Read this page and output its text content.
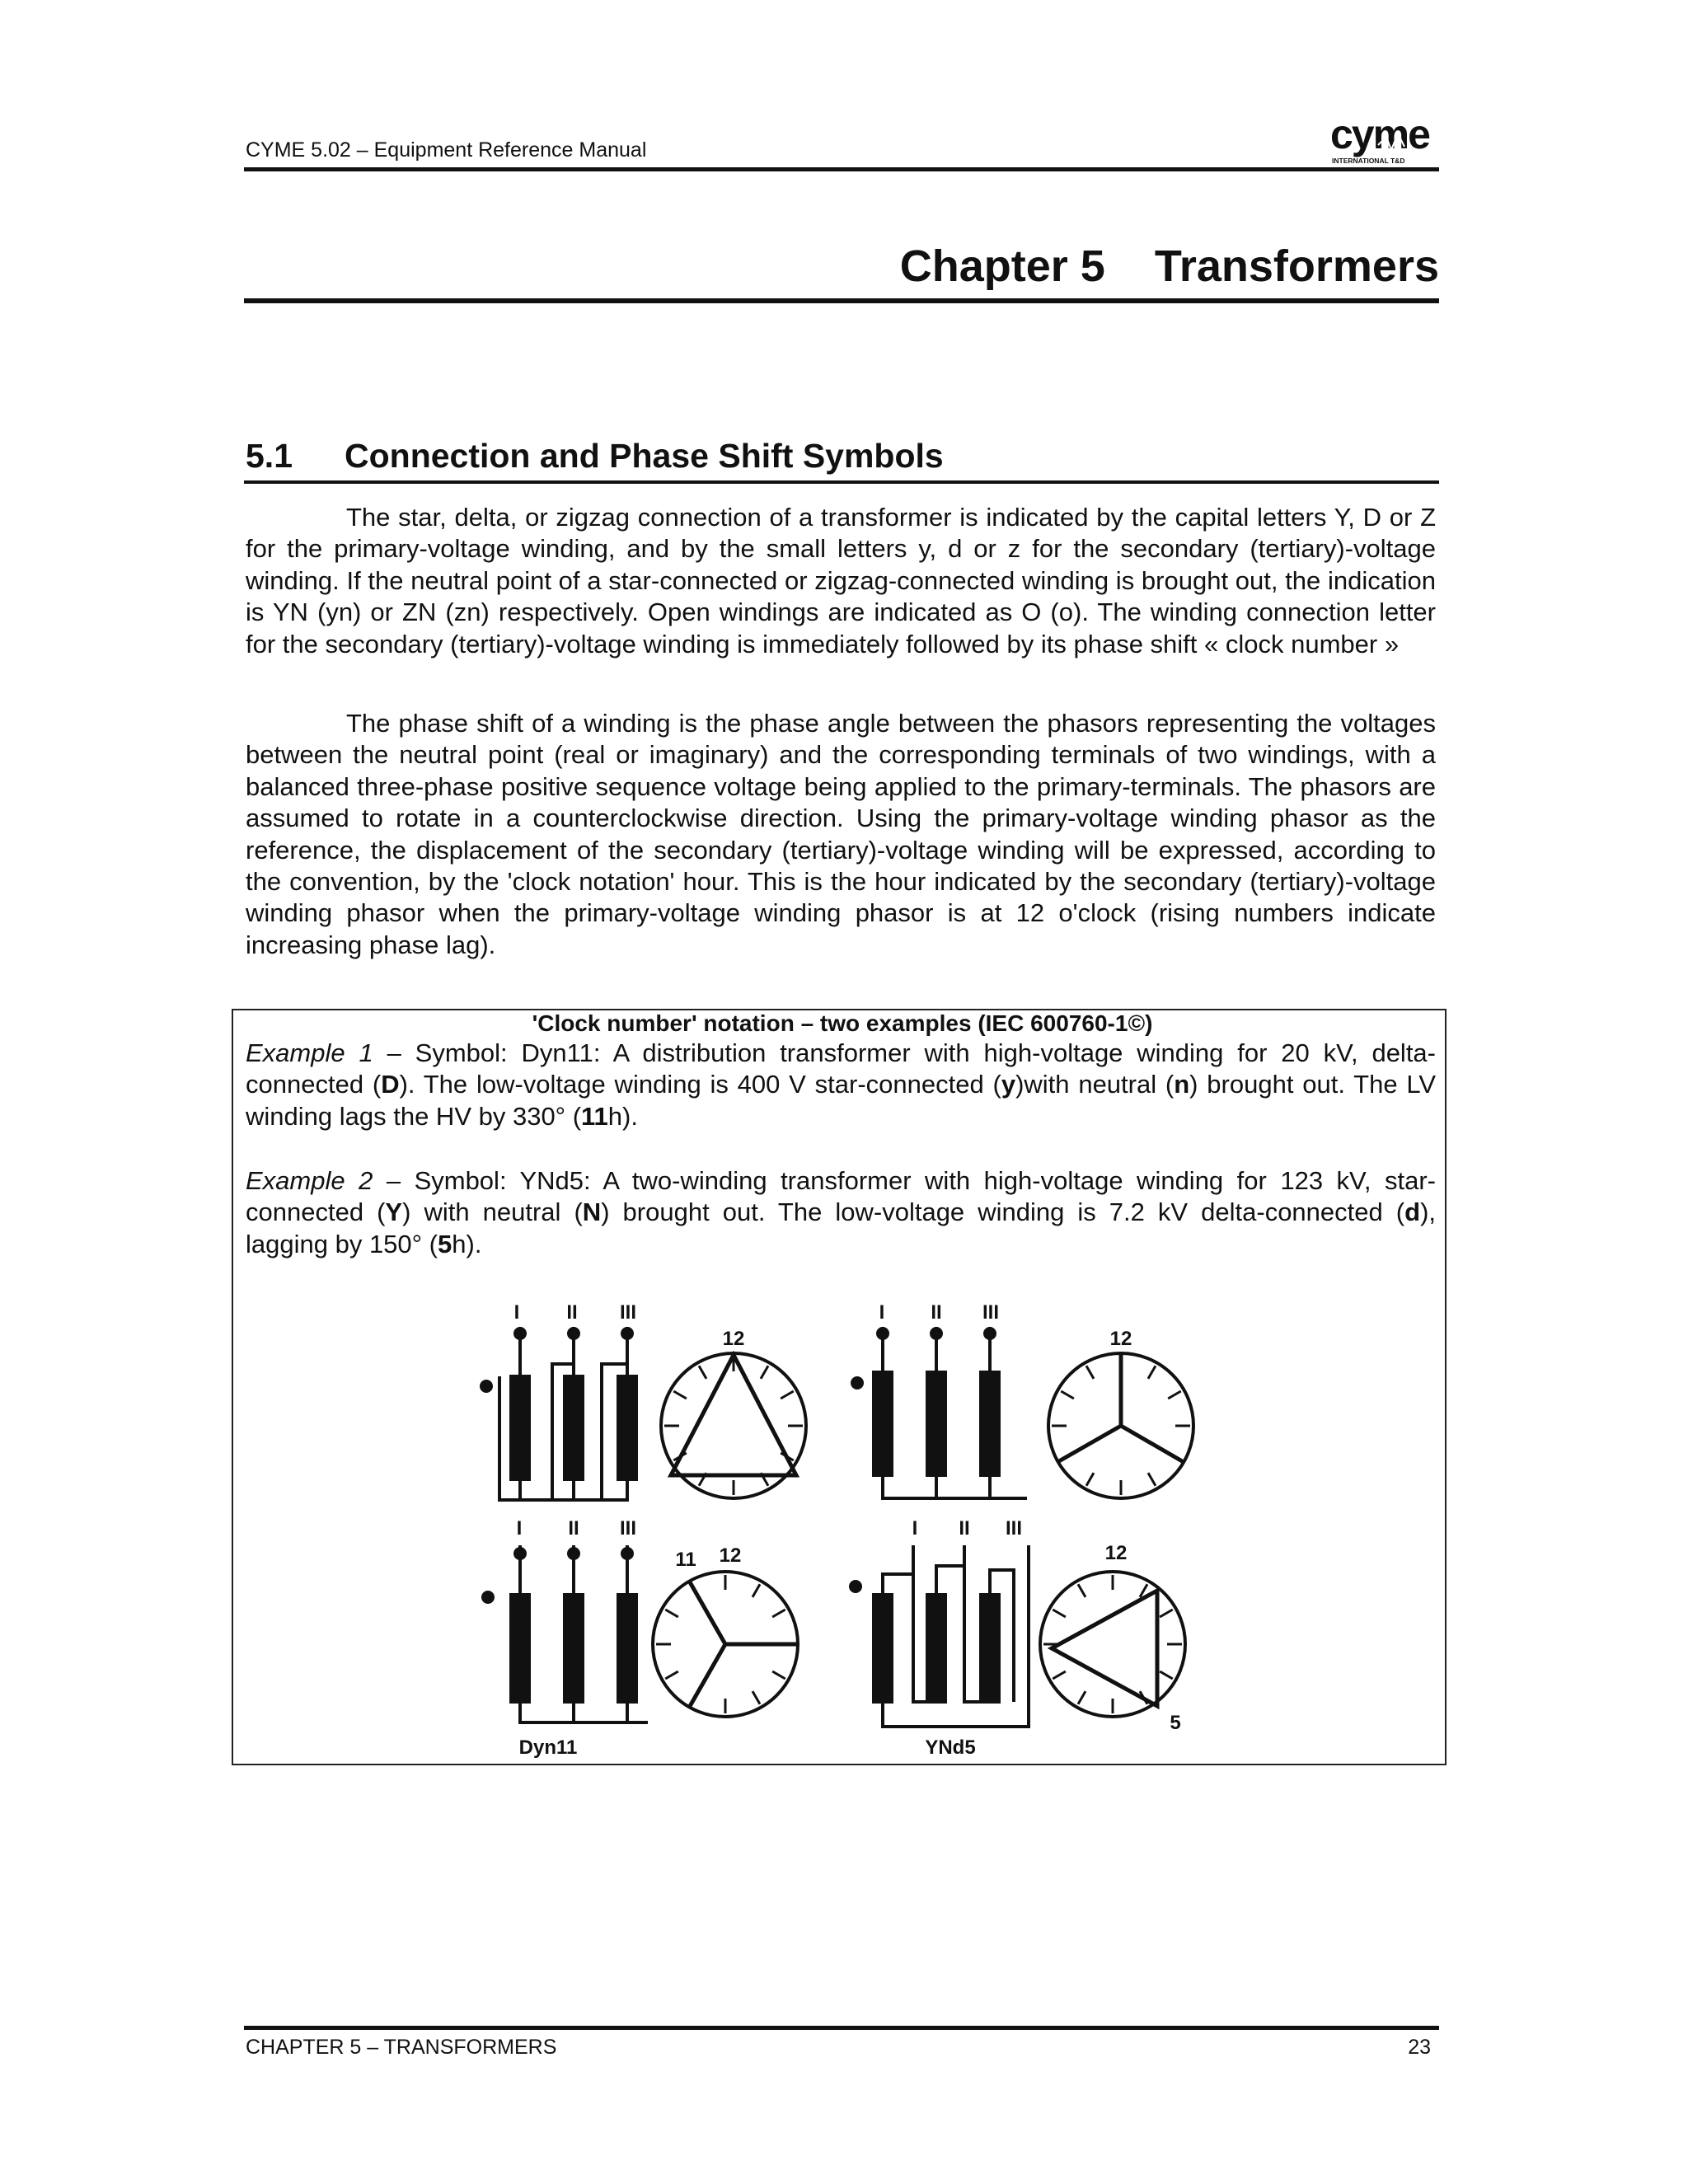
CYME 5.02 – Equipment Reference Manual	cyme
INTERNATIONAL T&D
Chapter 5    Transformers
5.1 Connection and Phase Shift Symbols

The star, delta, or zigzag connection of a transformer is indicated by the capital letters Y, D or Z for the primary-voltage winding, and by the small letters y, d or z for the secondary (tertiary)-voltage winding. If the neutral point of a star-connected or zigzag-connected winding is brought out, the indication is YN (yn) or ZN (zn) respectively. Open windings are indicated as O (o). The winding connection letter for the secondary (tertiary)-voltage winding is immediately followed by its phase shift « clock number »

The phase shift of a winding is the phase angle between the phasors representing the voltages between the neutral point (real or imaginary) and the corresponding terminals of two windings, with a balanced three-phase positive sequence voltage being applied to the primary-terminals. The phasors are assumed to rotate in a counterclockwise direction. Using the primary-voltage winding phasor as the reference, the displacement of the secondary (tertiary)-voltage winding will be expressed, according to the convention, by the 'clock notation' hour. This is the hour indicated by the secondary (tertiary)-voltage winding phasor when the primary-voltage winding phasor is at 12 o'clock (rising numbers indicate increasing phase lag).

'Clock number' notation – two examples (IEC 600760-1©)

Example 1 – Symbol: Dyn11: A distribution transformer with high-voltage winding for 20 kV, delta-connected (D). The low-voltage winding is 400 V star-connected (y)with neutral (n) brought out. The LV winding lags the HV by 330° (11h).

Example 2 – Symbol: YNd5: A two-winding transformer with high-voltage winding for 123 kV, star-connected (Y) with neutral (N) brought out. The low-voltage winding is 7.2 kV delta-connected (d), lagging by 150° (5h).

I II III
12
I II III
12
I II III
11 12
I II III
12
5
Dyn11	YNd5
CHAPTER 5 – TRANSFORMERS	23
